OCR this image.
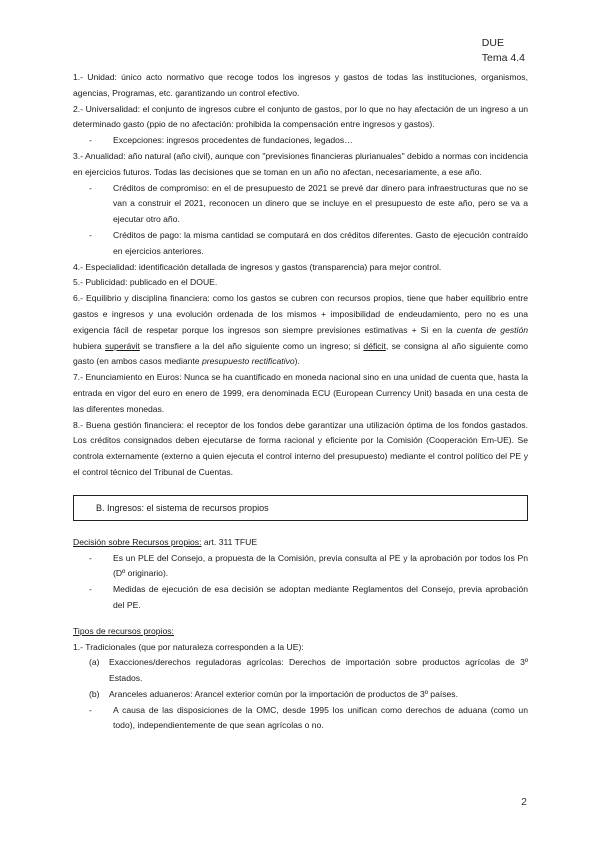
DUE
Tema 4.4

1.- Unidad: único acto normativo que recoge todos los ingresos y gastos de todas las instituciones, organismos, agencias, Programas, etc. garantizando un control efectivo.

2.- Universalidad: el conjunto de ingresos cubre el conjunto de gastos, por lo que no hay afectación de un ingreso a un determinado gasto (ppio de no afectación: prohibida la compensación entre ingresos y gastos).

- Excepciones: ingresos procedentes de fundaciones, legados…

3.- Anualidad: año natural (año civil), aunque con "previsiones financieras plurianuales" debido a normas con incidencia en ejercicios futuros. Todas las decisiones que se toman en un año no afectan, necesariamente, a ese año.

- Créditos de compromiso: en el de presupuesto de 2021 se prevé dar dinero para infraestructuras que no se van a construir el 2021, reconocen un dinero que se incluye en el presupuesto de este año, pero se va a ejecutar otro año.

- Créditos de pago: la misma cantidad se computará en dos créditos diferentes. Gasto de ejecución contraído en ejercicios anteriores.

4.- Especialidad: identificación detallada de ingresos y gastos (transparencia) para mejor control.

5.- Publicidad: publicado en el DOUE.

6.- Equilibrio y disciplina financiera: como los gastos se cubren con recursos propios, tiene que haber equilibrio entre gastos e ingresos y una evolución ordenada de los mismos + imposibilidad de endeudamiento, pero no es una exigencia fácil de respetar porque los ingresos son siempre previsiones estimativas + Si en la cuenta de gestión hubiera superávit se transfiere a la del año siguiente como un ingreso; si déficit, se consigna al año siguiente como gasto (en ambos casos mediante presupuesto rectificativo).

7.- Enunciamiento en Euros: Nunca se ha cuantificado en moneda nacional sino en una unidad de cuenta que, hasta la entrada en vigor del euro en enero de 1999, era denominada ECU (European Currency Unit) basada en una cesta de las diferentes monedas.

8.- Buena gestión financiera: el receptor de los fondos debe garantizar una utilización óptima de los fondos gastados. Los créditos consignados deben ejecutarse de forma racional y eficiente por la Comisión (Cooperación Em-UE). Se controla externamente (externo a quien ejecuta el control interno del presupuesto) mediante el control político del PE y el control técnico del Tribunal de Cuentas.

B. Ingresos: el sistema de recursos propios

Decisión sobre Recursos propios: art. 311 TFUE

- Es un PLE del Consejo, a propuesta de la Comisión, previa consulta al PE y la aprobación por todos los Pn (Dº originario).

- Medidas de ejecución de esa decisión se adoptan mediante Reglamentos del Consejo, previa aprobación del PE.

Tipos de recursos propios:

1.- Tradicionales (que por naturaleza corresponden a la UE):

(a) Exacciones/derechos reguladoras agrícolas: Derechos de importación sobre productos agrícolas de 3º Estados.

(b) Aranceles aduaneros: Arancel exterior común por la importación de productos de 3º países.

- A causa de las disposiciones de la OMC, desde 1995 los unifican como derechos de aduana (como un todo), independientemente de que sean agrícolas o no.

2
